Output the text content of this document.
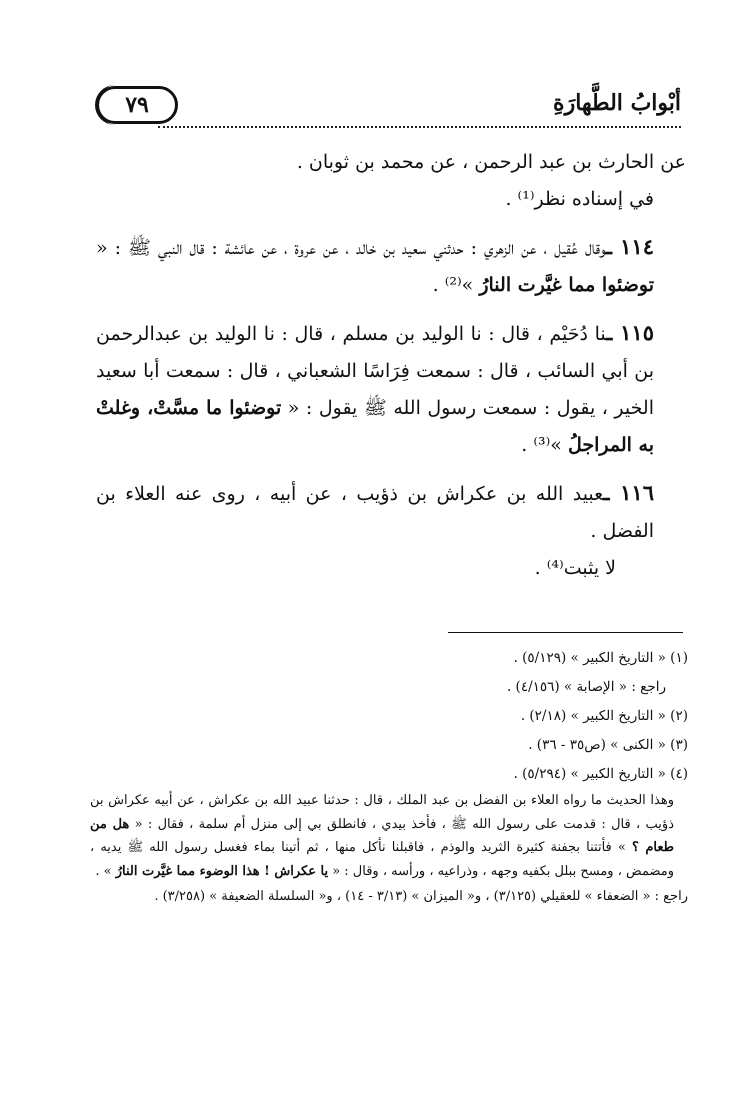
٧٩	أبْوابُ الطَّهارَةِ

عن الحارث بن عبد الرحمن ، عن محمد بن ثوبان .

في إسناده نظر⁽¹⁾ .

١١٤ ـوقال عُقيل ، عن الزهري : حدثني سعيد بن خالد ، عن عروة ، عن عائشة : قال النبي ﷺ : « توضئوا مما غيَّرت النارُ »⁽²⁾ .

١١٥ ـنا دُحَيْم ، قال : نا الوليد بن مسلم ، قال : نا الوليد بن عبدالرحمن بن أبي السائب ، قال : سمعت فِرَاسًا الشعباني ، قال : سمعت أبا سعيد الخير ، يقول : سمعت رسول الله ﷺ يقول : « توضئوا ما مسَّتْ، وغلتْ به المراجلُ »⁽³⁾ .

١١٦ ـعبيد الله بن عكراش بن ذؤيب ، عن أبيه ، روى عنه العلاء بن الفضل .

لا يثبت⁽⁴⁾ .

(١) « التاريخ الكبير » (٥/١٢٩) .

راجع : « الإصابة » (٤/١٥٦) .

(٢) « التاريخ الكبير » (٢/١٨) .

(٣) « الكنى » (ص٣٥ - ٣٦) .

(٤) « التاريخ الكبير » (٥/٢٩٤) .

وهذا الحديث ما رواه العلاء بن الفضل بن عبد الملك ، قال : حدثنا عبيد الله بن عكراش ، عن أبيه عكراش بن ذؤيب ، قال : قدمت على رسول الله ﷺ ، فأخذ بيدي ، فانطلق بي إلى منزل أم سلمة ، فقال : « هل من طعام ؟ » فأتتنا بجفنة كثيرة الثريد والوذم ، فاقبلنا نأكل منها ، ثم أتينا بماء فغسل رسول الله ﷺ يديه ، ومضمض ، ومسح ببلل بكفيه وجهه ، وذراعيه ، ورأسه ، وقال : « يا عكراش ! هذا الوضوء مما غيَّرت النارُ » .

راجع : « الضعفاء » للعقيلي (٣/١٢٥) ، و« الميزان » (٣/١٣ - ١٤) ، و« السلسلة الضعيفة » (٣/٢٥٨) .
